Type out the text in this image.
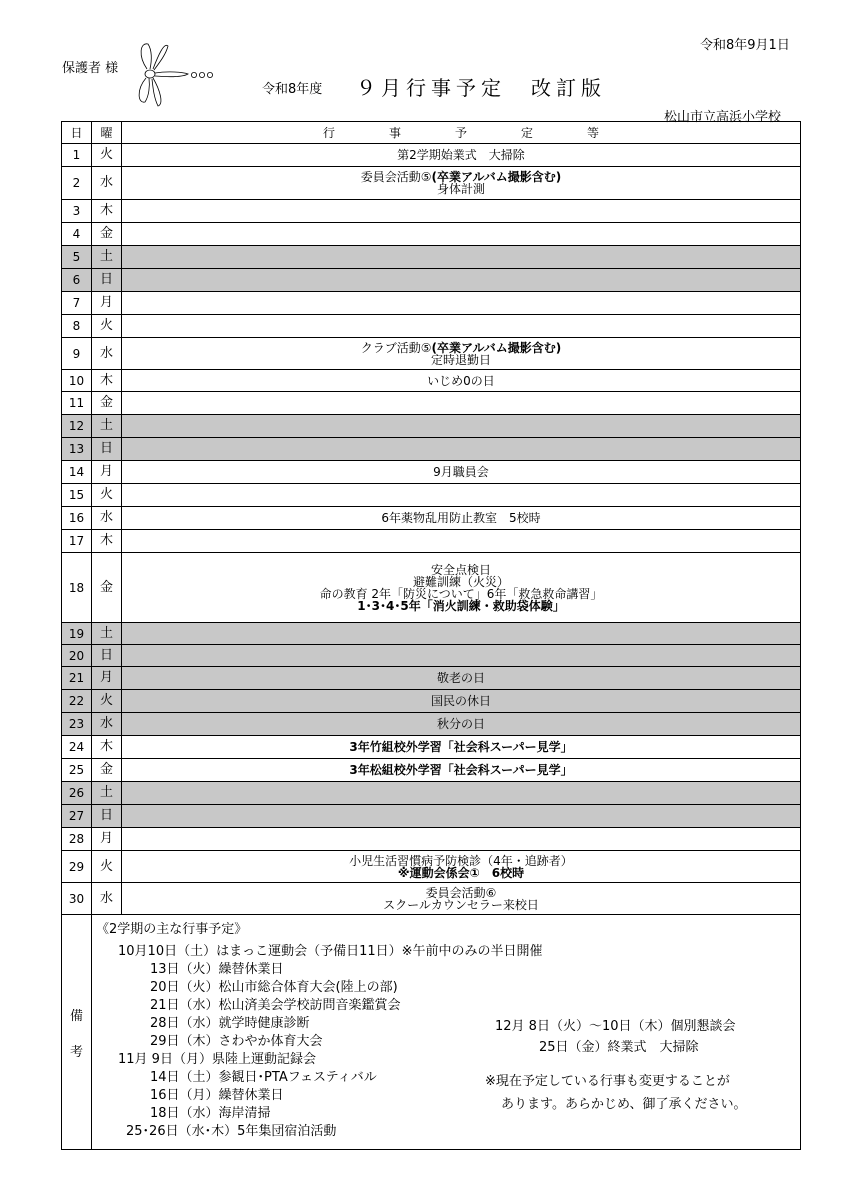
令和8年9月1日
保護者 様
令和8年度 ９月行事予定　改訂版
松山市立高浜小学校
日	曜	行 事 予 定 等
1	火	第2学期始業式　大掃除

2	水	委員会活動⑤(卒業アルバム撮影含む)
身体計測

3	木	
4	金	
5	土	
6	日	
7	月	
8	火	
9	水	クラブ活動⑤(卒業アルバム撮影含む)
定時退勤日

10	木	いじめ0の日

11	金	
12	土	
13	日	
14	月	9月職員会

15	火	
16	水	6年薬物乱用防止教室　5校時

17	木	
18	金	安全点検日
避難訓練（火災）
命の教育 2年「防災について」6年「救急救命講習」
1･3･4･5年「消火訓練・救助袋体験」

19	土	
20	日	
21	月	敬老の日

22	火	国民の休日

23	水	秋分の日

24	木	3年竹組校外学習「社会科スーパー見学」

25	金	3年松組校外学習「社会科スーパー見学」

26	土	
27	日	
28	月	
29	火	小児生活習慣病予防検診（4年・追跡者）
※運動会係会①　6校時

30	水	委員会活動⑥
スクールカウンセラー来校日
備
考
《2学期の主な行事予定》
10月10日（土）はまっこ運動会（予備日11日）※午前中のみの半日開催
13日（火）繰替休業日
20日（火）松山市総合体育大会(陸上の部)
21日（水）松山済美会学校訪問音楽鑑賞会
28日（水）就学時健康診断
29日（木）さわやか体育大会
11月 9日（月）県陸上運動記録会
14日（土）参観日･PTAフェスティバル
16日（月）繰替休業日
18日（水）海岸清掃
25･26日（水･木）5年集団宿泊活動
12月 8日（火）～10日（木）個別懇談会
25日（金）終業式　大掃除
※現在予定している行事も変更することが
あります。あらかじめ、御了承ください。
